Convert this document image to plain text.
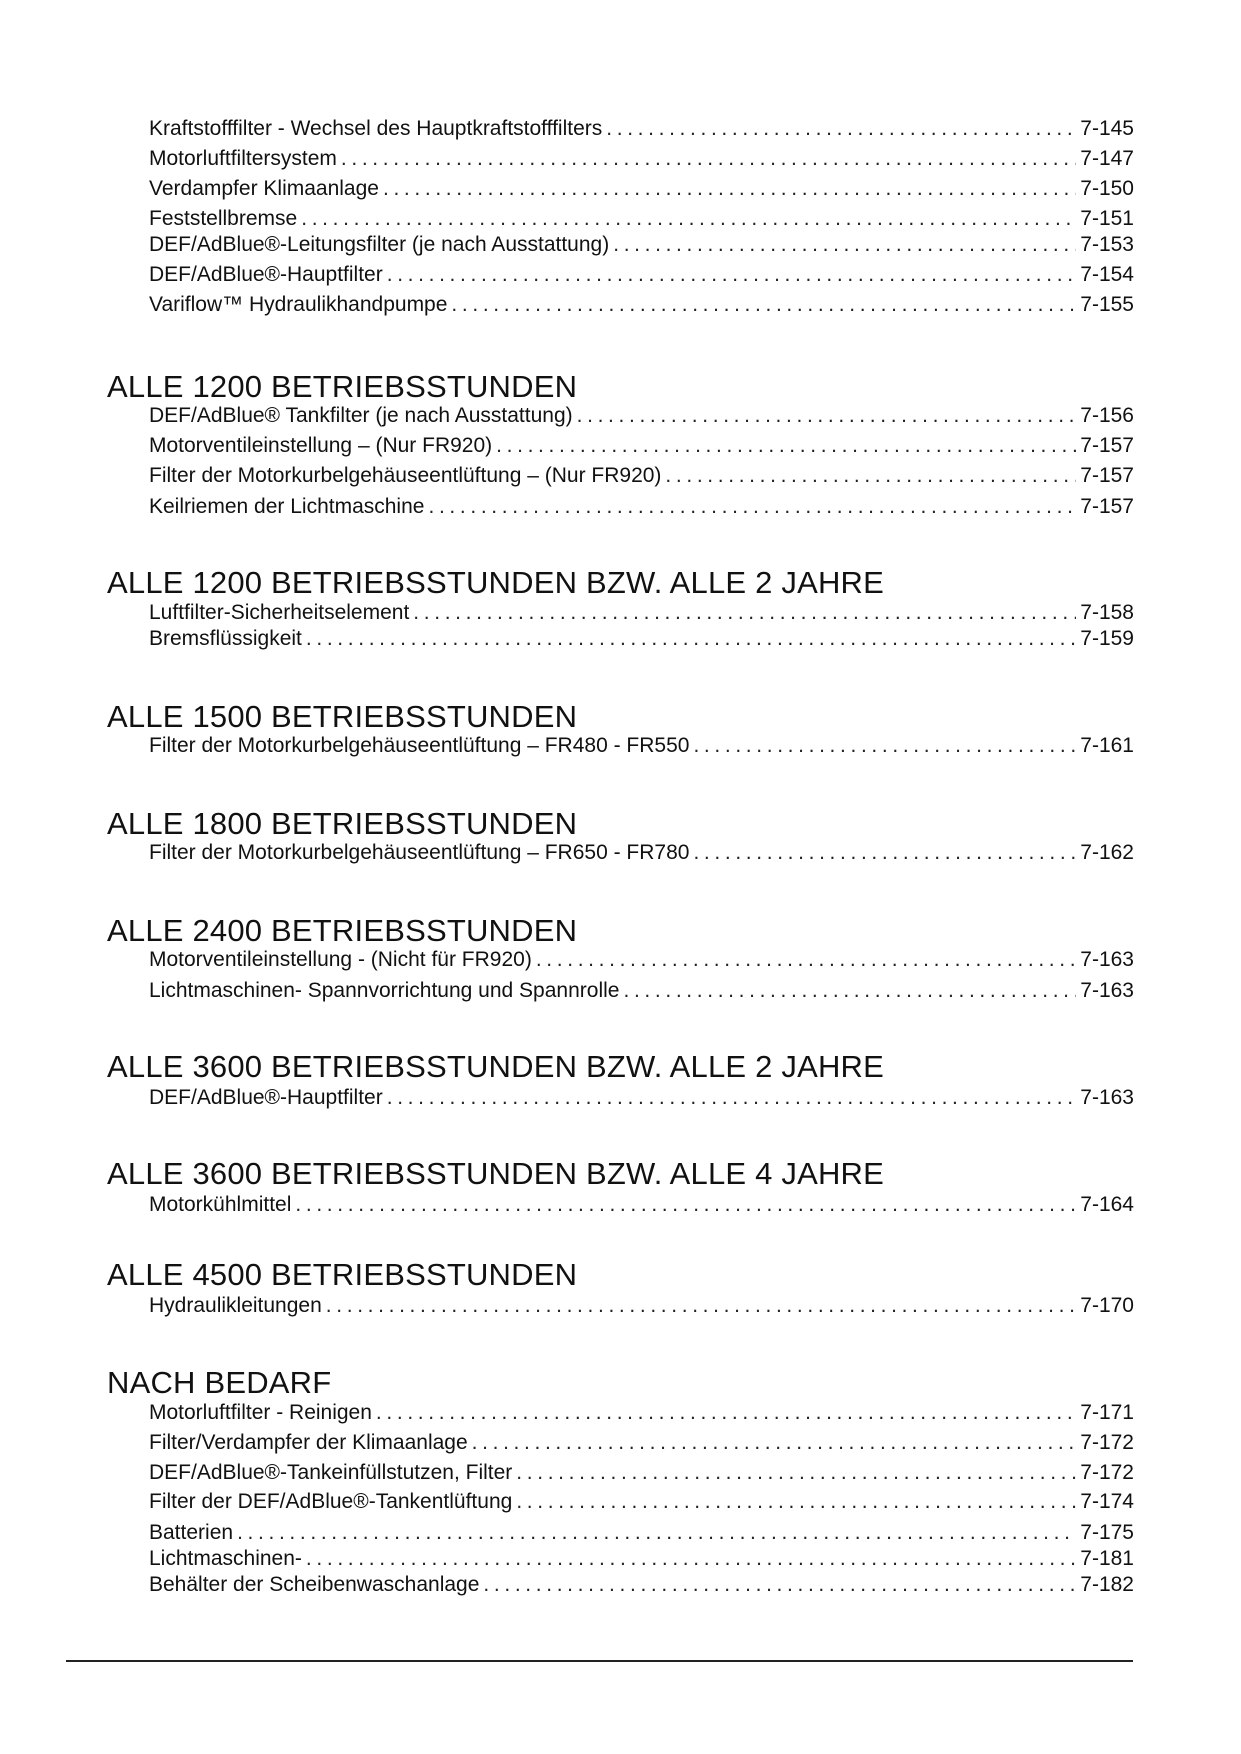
Kraftstofffilter - Wechsel des Hauptkraftstofffilters . . .	7-145
Motorluftfiltersystem . . .	7-147
Verdampfer Klimaanlage . . .	7-150
Feststellbremse . . .	7-151
DEF/AdBlue®-Leitungsfilter (je nach Ausstattung) . . .	7-153
DEF/AdBlue®-Hauptfilter . . .	7-154
Variflow™ Hydraulikhandpumpe . . .	7-155
ALLE 1200 BETRIEBSSTUNDEN
DEF/AdBlue® Tankfilter (je nach Ausstattung) . . .	7-156
Motorventileinstellung – (Nur FR920) . . .	7-157
Filter der Motorkurbelgehäuseentlüftung – (Nur FR920) . . .	7-157
Keilriemen der Lichtmaschine . . .	7-157
ALLE 1200 BETRIEBSSTUNDEN BZW. ALLE 2 JAHRE
Luftfilter-Sicherheitselement . . .	7-158
Bremsflüssigkeit . . .	7-159
ALLE 1500 BETRIEBSSTUNDEN
Filter der Motorkurbelgehäuseentlüftung – FR480 - FR550 . . .	7-161
ALLE 1800 BETRIEBSSTUNDEN
Filter der Motorkurbelgehäuseentlüftung – FR650 - FR780 . . .	7-162
ALLE 2400 BETRIEBSSTUNDEN
Motorventileinstellung - (Nicht für FR920) . . .	7-163
Lichtmaschinen- Spannvorrichtung und Spannrolle . . .	7-163
ALLE 3600 BETRIEBSSTUNDEN BZW. ALLE 2 JAHRE
DEF/AdBlue®-Hauptfilter . . .	7-163
ALLE 3600 BETRIEBSSTUNDEN BZW. ALLE 4 JAHRE
Motorkühlmittel . . .	7-164
ALLE 4500 BETRIEBSSTUNDEN
Hydraulikleitungen . . .	7-170
NACH BEDARF
Motorluftfilter - Reinigen . . .	7-171
Filter/Verdampfer der Klimaanlage . . .	7-172
DEF/AdBlue®-Tankeinfüllstutzen, Filter . . .	7-172
Filter der DEF/AdBlue®-Tankentlüftung . . .	7-174
Batterien . . .	7-175
Lichtmaschinen- . . .	7-181
Behälter der Scheibenwaschanlage . . .	7-182
